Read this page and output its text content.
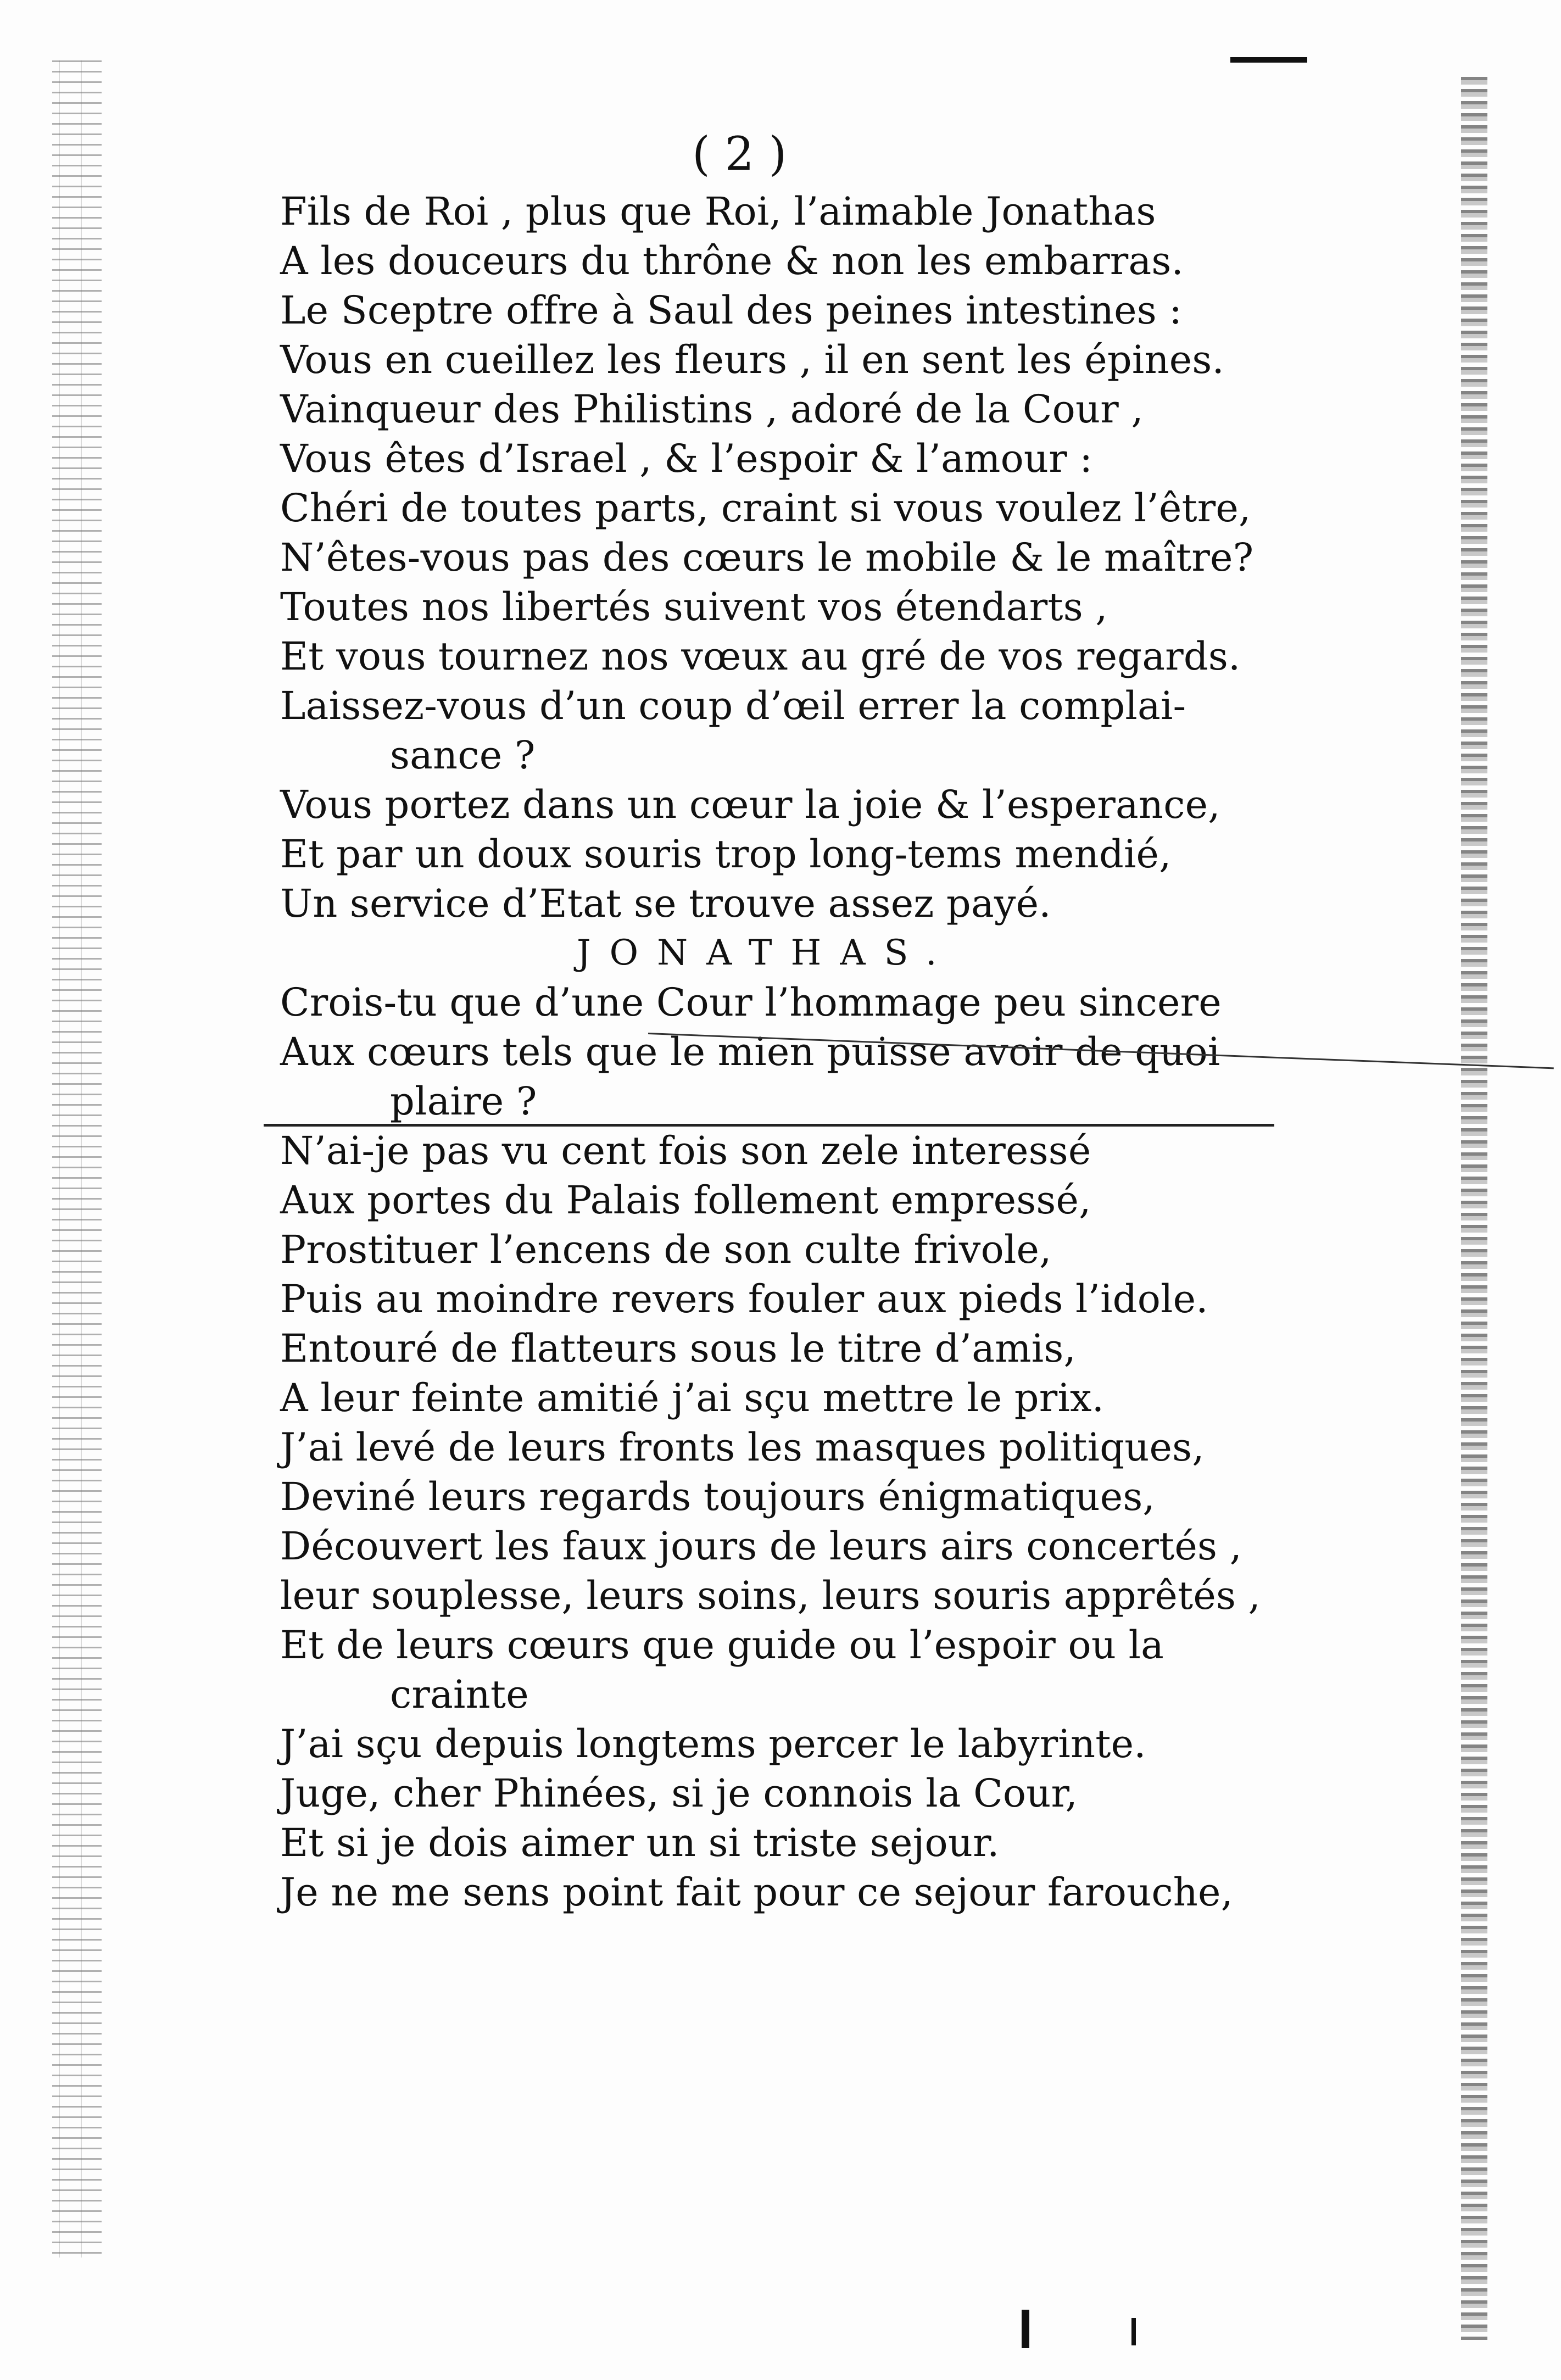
( 2 )
Fils de Roi , plus que Roi, l’aimable Jonathas
A les douceurs du thrône & non les embarras.
Le Sceptre offre à Saul des peines intestines :
Vous en cueillez les fleurs , il en sent les épines.
Vainqueur des Philistins , adoré de la Cour ,
Vous êtes d’Israel , & l’espoir & l’amour :
Chéri de toutes parts, craint si vous voulez l’être,
N’êtes-vous pas des cœurs le mobile & le maître?
Toutes nos libertés suivent vos étendarts ,
Et vous tournez nos vœux au gré de vos regards.
Laissez-vous d’un coup d’œil errer la complai-
sance ?
Vous portez dans un cœur la joie & l’esperance,
Et par un doux souris trop long-tems mendié,
Un service d’Etat se trouve assez payé.
JONATHAS.
Crois-tu que d’une Cour l’hommage peu sincere
Aux cœurs tels que le mien puisse avoir de quoi
plaire ?
N’ai-je pas vu cent fois son zele interessé
Aux portes du Palais follement empressé,
Prostituer l’encens de son culte frivole,
Puis au moindre revers fouler aux pieds l’idole.
Entouré de flatteurs sous le titre d’amis,
A leur feinte amitié j’ai sçu mettre le prix.
J’ai levé de leurs fronts les masques politiques,
Deviné leurs regards toujours énigmatiques,
Découvert les faux jours de leurs airs concertés ,
leur souplesse, leurs soins, leurs souris apprêtés ,
Et de leurs cœurs que guide ou l’espoir ou la
crainte
J’ai sçu depuis longtems percer le labyrinte.
Juge, cher Phinées, si je connois la Cour,
Et si je dois aimer un si triste sejour.
Je ne me sens point fait pour ce sejour farouche,
